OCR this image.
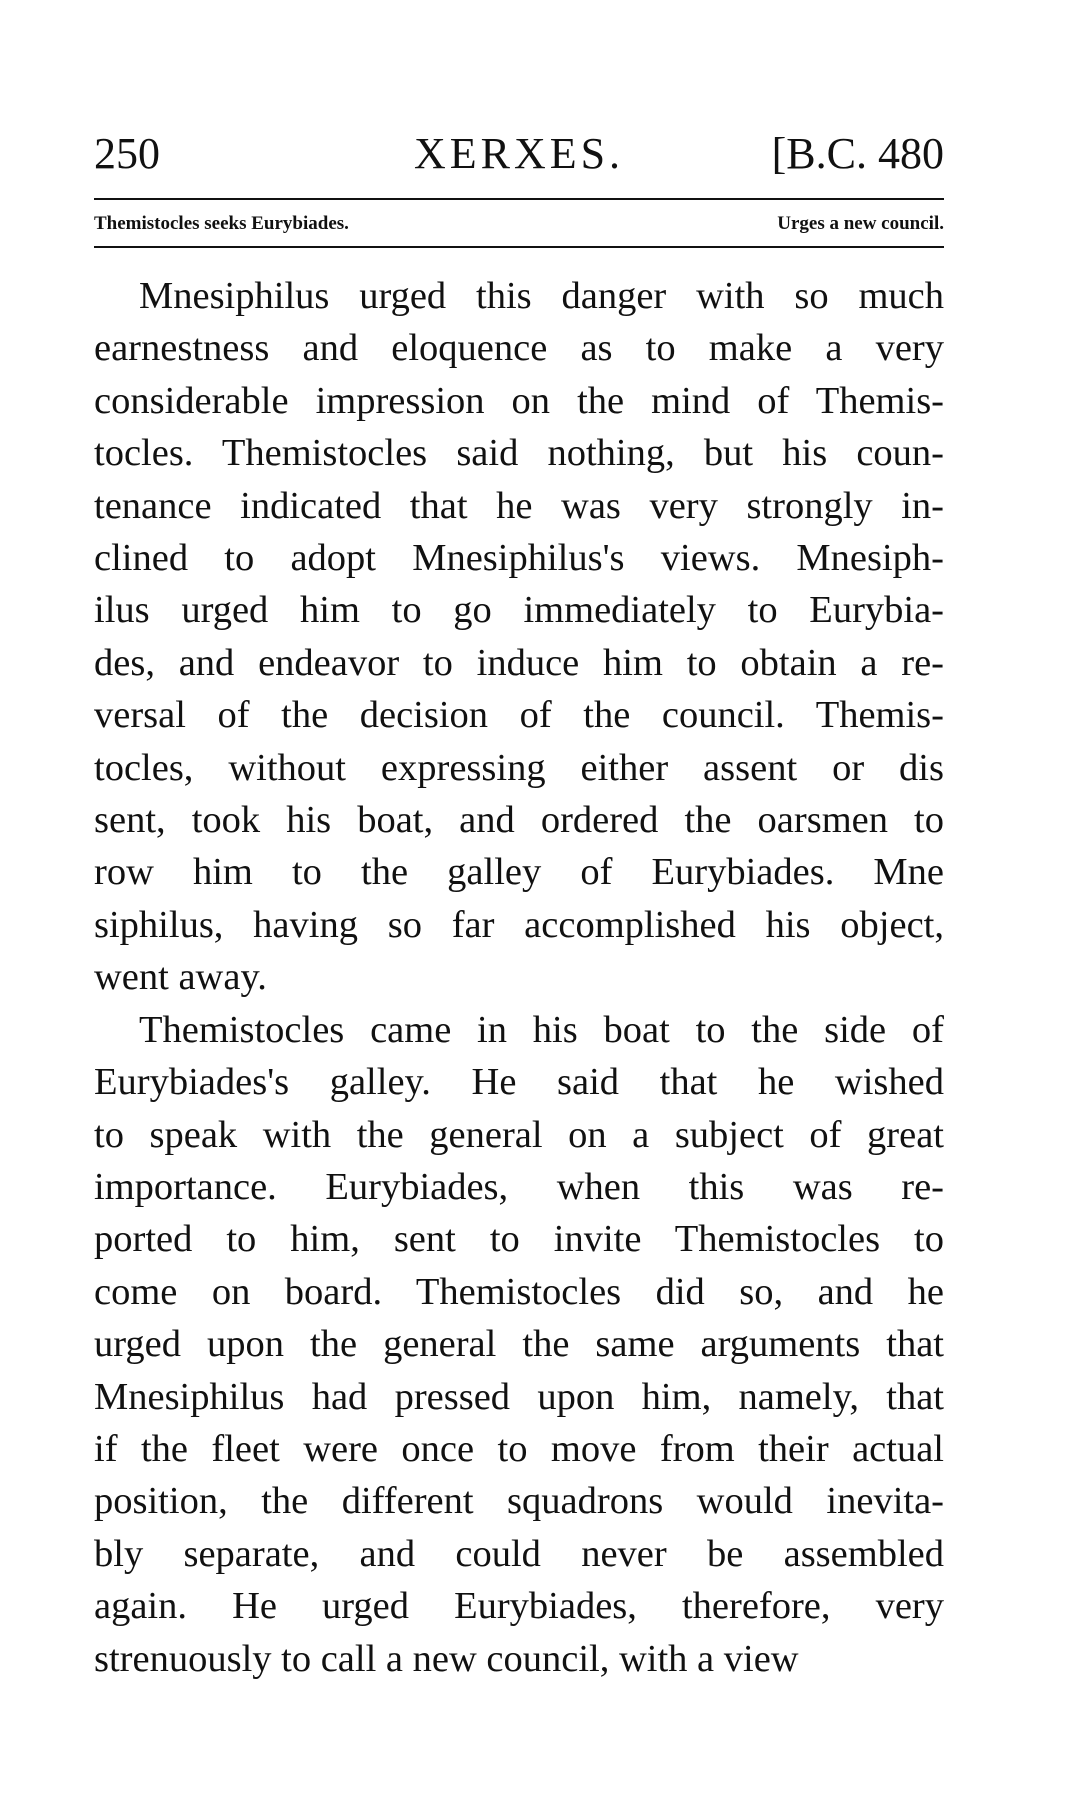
250	XERXES.	[B.C. 480
Themistocles seeks Eurybiades.	Urges a new council.
Mnesiphilus urged this danger with so much
earnestness and eloquence as to make a very
considerable impression on the mind of Themis-
tocles. Themistocles said nothing, but his coun-
tenance indicated that he was very strongly in-
clined to adopt Mnesiphilus's views. Mnesiph-
ilus urged him to go immediately to Eurybia-
des, and endeavor to induce him to obtain a re-
versal of the decision of the council. Themis-
tocles, without expressing either assent or dis
sent, took his boat, and ordered the oarsmen to
row him to the galley of Eurybiades. Mne
siphilus, having so far accomplished his object,
went away.
Themistocles came in his boat to the side of
Eurybiades's galley. He said that he wished
to speak with the general on a subject of great
importance. Eurybiades, when this was re-
ported to him, sent to invite Themistocles to
come on board. Themistocles did so, and he
urged upon the general the same arguments that
Mnesiphilus had pressed upon him, namely, that
if the fleet were once to move from their actual
position, the different squadrons would inevita-
bly separate, and could never be assembled
again. He urged Eurybiades, therefore, very
strenuously to call a new council, with a view
